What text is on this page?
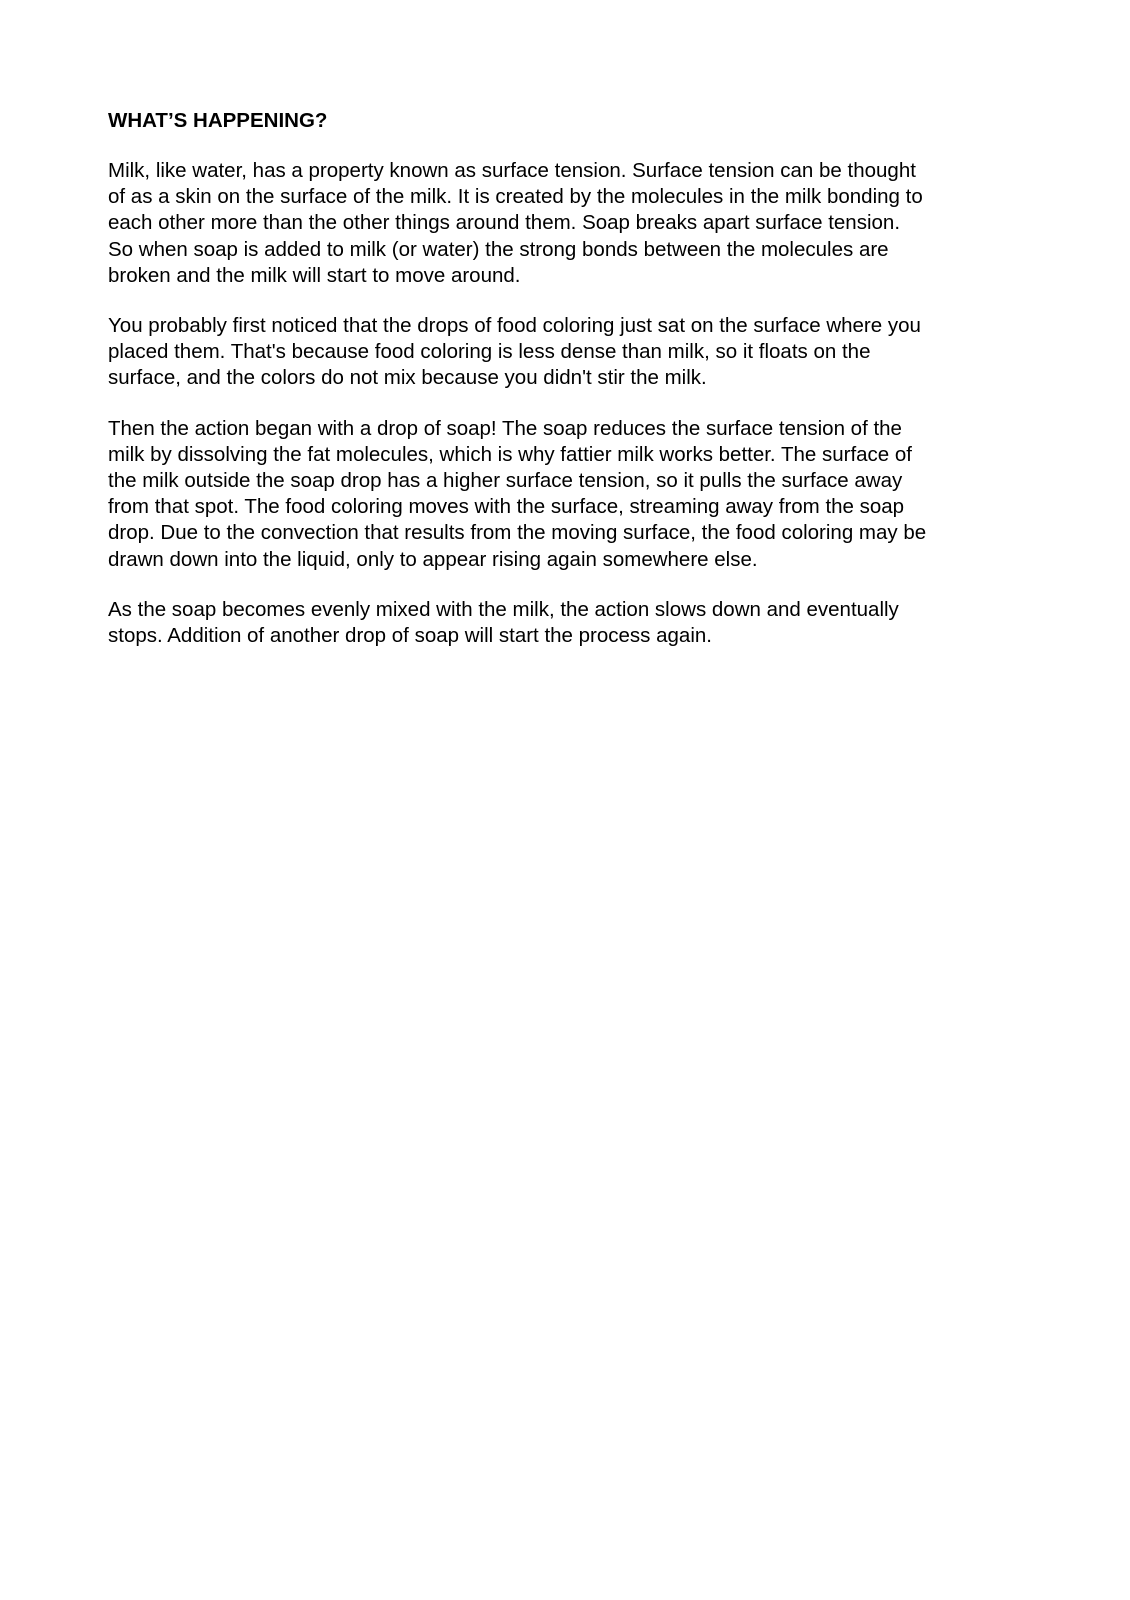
WHAT’S HAPPENING?
Milk, like water, has a property known as surface tension. Surface tension can be thought
of as a skin on the surface of the milk. It is created by the molecules in the milk bonding to
each other more than the other things around them. Soap breaks apart surface tension.
So when soap is added to milk (or water) the strong bonds between the molecules are
broken and the milk will start to move around.
You probably first noticed that the drops of food coloring just sat on the surface where you
placed them. That's because food coloring is less dense than milk, so it floats on the
surface, and the colors do not mix because you didn't stir the milk.
Then the action began with a drop of soap! The soap reduces the surface tension of the
milk by dissolving the fat molecules, which is why fattier milk works better. The surface of
the milk outside the soap drop has a higher surface tension, so it pulls the surface away
from that spot. The food coloring moves with the surface, streaming away from the soap
drop. Due to the convection that results from the moving surface, the food coloring may be
drawn down into the liquid, only to appear rising again somewhere else.
As the soap becomes evenly mixed with the milk, the action slows down and eventually
stops. Addition of another drop of soap will start the process again.
